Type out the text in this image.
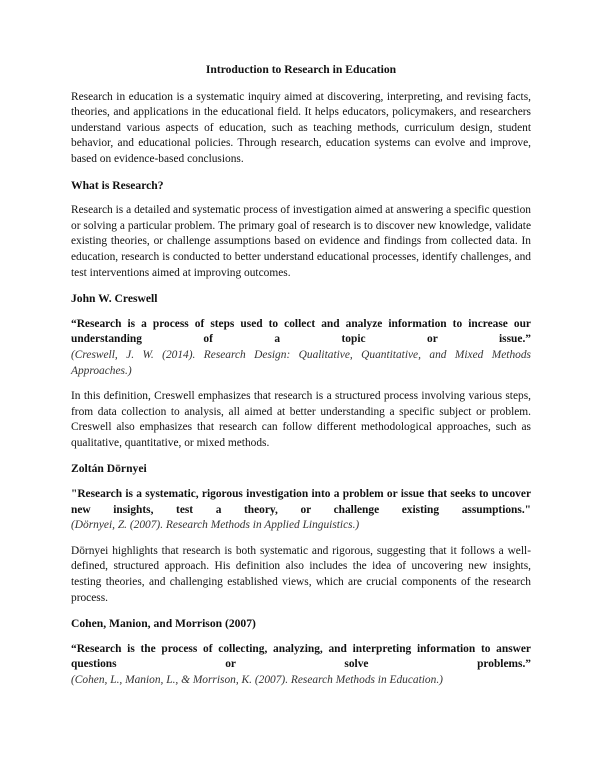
Introduction to Research in Education

Research in education is a systematic inquiry aimed at discovering, interpreting, and revising facts, theories, and applications in the educational field. It helps educators, policymakers, and researchers understand various aspects of education, such as teaching methods, curriculum design, student behavior, and educational policies. Through research, education systems can evolve and improve, based on evidence-based conclusions.

What is Research?

Research is a detailed and systematic process of investigation aimed at answering a specific question or solving a particular problem. The primary goal of research is to discover new knowledge, validate existing theories, or challenge assumptions based on evidence and findings from collected data. In education, research is conducted to better understand educational processes, identify challenges, and test interventions aimed at improving outcomes.

John W. Creswell

“Research is a process of steps used to collect and analyze information to increase our understanding of a topic or issue.”

(Creswell, J. W. (2014). Research Design: Qualitative, Quantitative, and Mixed Methods Approaches.)

In this definition, Creswell emphasizes that research is a structured process involving various steps, from data collection to analysis, all aimed at better understanding a specific subject or problem. Creswell also emphasizes that research can follow different methodological approaches, such as qualitative, quantitative, or mixed methods.

Zoltán Dörnyei

"Research is a systematic, rigorous investigation into a problem or issue that seeks to uncover new insights, test a theory, or challenge existing assumptions."

(Dörnyei, Z. (2007). Research Methods in Applied Linguistics.)

Dörnyei highlights that research is both systematic and rigorous, suggesting that it follows a well-defined, structured approach. His definition also includes the idea of uncovering new insights, testing theories, and challenging established views, which are crucial components of the research process.

Cohen, Manion, and Morrison (2007)

“Research is the process of collecting, analyzing, and interpreting information to answer questions or solve problems.”

(Cohen, L., Manion, L., & Morrison, K. (2007). Research Methods in Education.)
